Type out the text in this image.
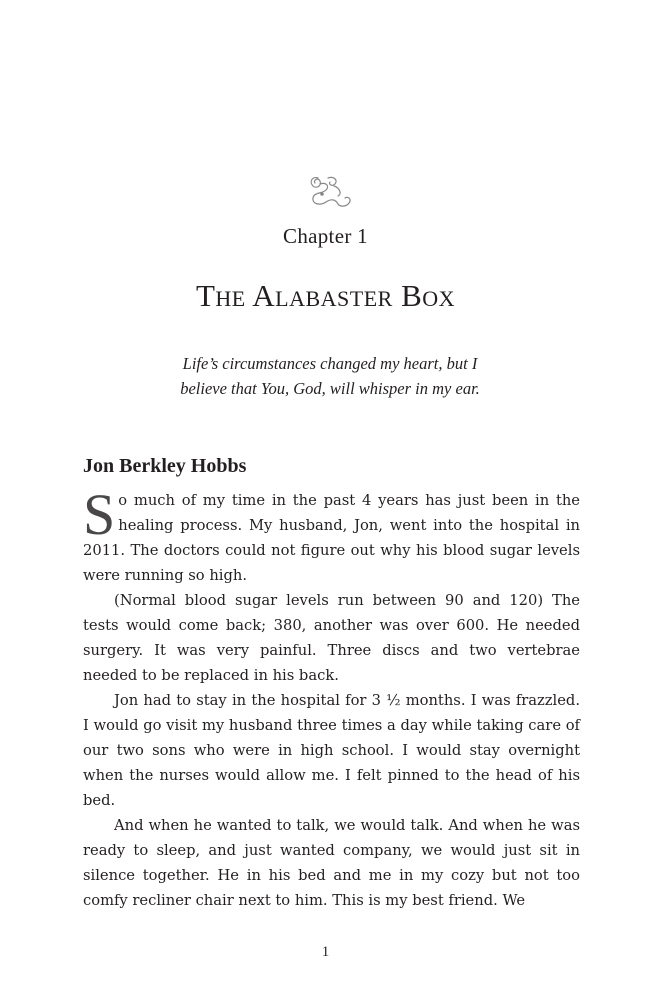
Chapter 1
The Alabaster Box
Life’s circumstances changed my heart, but I
believe that You, God, will whisper in my ear.
Jon Berkley Hobbs

So much of my time in the past 4 years has just been in the healing process. My husband, Jon, went into the hospital in 2011. The doctors could not figure out why his blood sugar levels were running so high.

(Normal blood sugar levels run between 90 and 120) The tests would come back; 380, another was over 600. He needed surgery. It was very painful. Three discs and two vertebrae needed to be replaced in his back.

Jon had to stay in the hospital for 3 ½ months. I was frazzled. I would go visit my husband three times a day while taking care of our two sons who were in high school. I would stay overnight when the nurses would allow me. I felt pinned to the head of his bed.

And when he wanted to talk, we would talk. And when he was ready to sleep, and just wanted company, we would just sit in silence together. He in his bed and me in my cozy but not too comfy recliner chair next to him. This is my best friend. We

1
